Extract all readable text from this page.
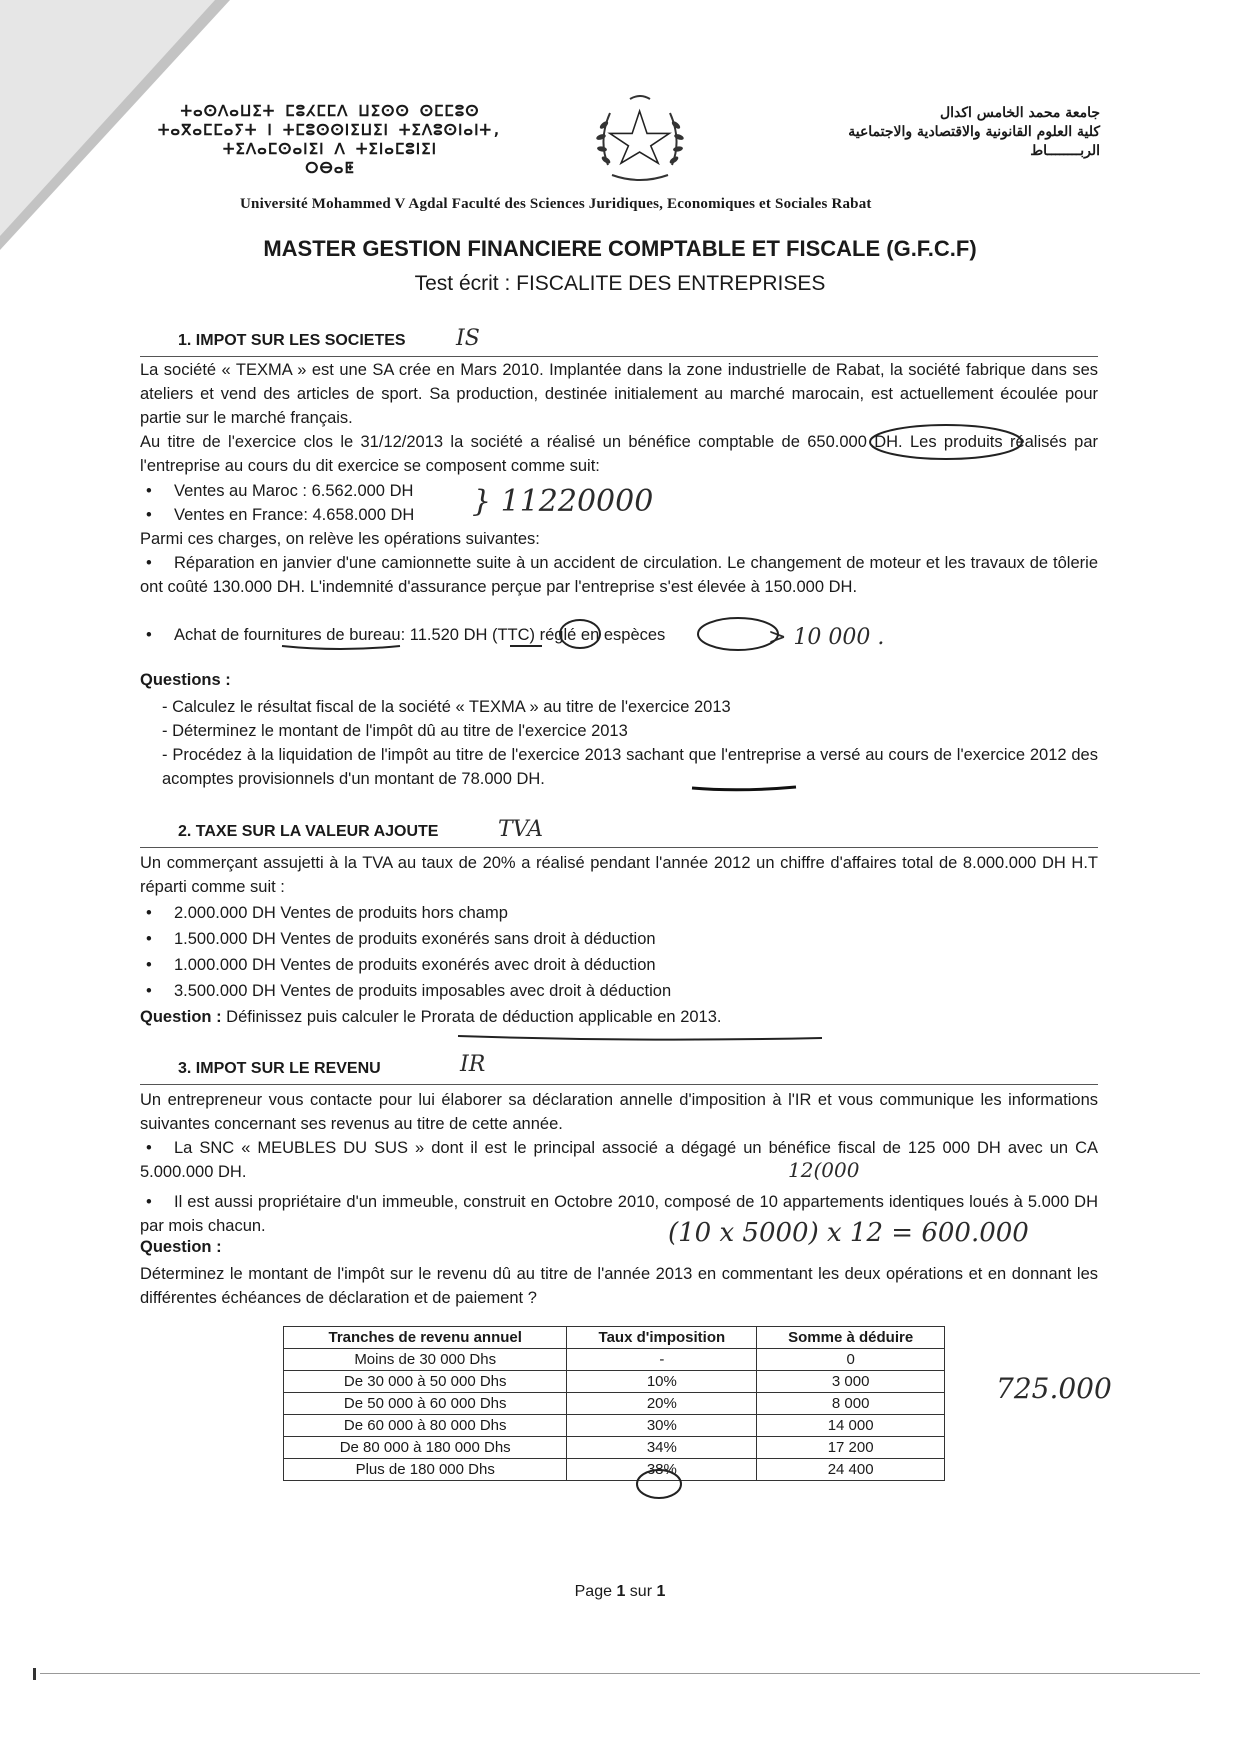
ⵜⴰⵙⴷⴰⵡⵉⵜ ⵎⵓⵃⵎⵎⴷ ⵡⵉⵙⵙ ⵙⵎⵎⵓⵙ
ⵜⴰⴳⴰⵎⵎⴰⵢⵜ ⵏ ⵜⵎⵓⵙⵙⵏⵉⵡⵉⵏ ⵜⵉⴷⵓⵙⵏⴰⵏⵜ,
ⵜⵉⴷⴰⵎⵙⴰⵏⵉⵏ ⴷ ⵜⵉⵏⴰⵎⵓⵏⵉⵏ
ⵔⴱⴰⵟ
جامعة محمد الخامس اكدال
كلية العلوم القانونية والاقتصادية والاجتماعية
الربــــــــاط
Université Mohammed V Agdal Faculté des Sciences Juridiques, Economiques et Sociales Rabat
MASTER GESTION FINANCIERE COMPTABLE ET FISCALE (G.F.C.F)
Test écrit : FISCALITE DES ENTREPRISES
1. IMPOT SUR LES SOCIETES IS
La société « TEXMA » est une SA crée en Mars 2010. Implantée dans la zone industrielle de Rabat, la société fabrique dans ses ateliers et vend des articles de sport. Sa production, destinée initialement au marché marocain, est actuellement écoulée pour partie sur le marché français.
Au titre de l'exercice clos le 31/12/2013 la société a réalisé un bénéfice comptable de 650.000 DH. Les produits réalisés par l'entreprise au cours du dit exercice se composent comme suit:
• Ventes au Maroc : 6.562.000 DH
• Ventes en France: 4.658.000 DH	} 11220000
Parmi ces charges, on relève les opérations suivantes:
• Réparation en janvier d'une camionnette suite à un accident de circulation. Le changement de moteur et les travaux de tôlerie ont coûté 130.000 DH. L'indemnité d'assurance perçue par l'entreprise s'est élevée à 150.000 DH.
• Achat de fournitures de bureau: 11.520 DH (TTC) réglé en espèces	> 10 000 .
Questions :
- Calculez le résultat fiscal de la société « TEXMA » au titre de l'exercice 2013
- Déterminez le montant de l'impôt dû au titre de l'exercice 2013
- Procédez à la liquidation de l'impôt au titre de l'exercice 2013 sachant que l'entreprise a versé au cours de l'exercice 2012 des acomptes provisionnels d'un montant de 78.000 DH.
2. TAXE SUR LA VALEUR AJOUTE	TVA
Un commerçant assujetti à la TVA au taux de 20% a réalisé pendant l'année 2012 un chiffre d'affaires total de 8.000.000 DH H.T réparti comme suit :
• 2.000.000 DH Ventes de produits hors champ
• 1.500.000 DH Ventes de produits exonérés sans droit à déduction
• 1.000.000 DH Ventes de produits exonérés avec droit à déduction
• 3.500.000 DH Ventes de produits imposables avec droit à déduction
Question : Définissez puis calculer le Prorata de déduction applicable en 2013.
3. IMPOT SUR LE REVENU	IR
Un entrepreneur vous contacte pour lui élaborer sa déclaration annelle d'imposition à l'IR et vous communique les informations suivantes concernant ses revenus au titre de cette année.
• La SNC « MEUBLES DU SUS » dont il est le principal associé a dégagé un bénéfice fiscal de 125 000 DH avec un CA 5.000.000 DH.	12(000
• Il est aussi propriétaire d'un immeuble, construit en Octobre 2010, composé de 10 appartements identiques loués à 5.000 DH par mois chacun.	(10 x 5000) x 12 = 600.000
Question :
Déterminez le montant de l'impôt sur le revenu dû au titre de l'année 2013 en commentant les deux opérations et en donnant les différentes échéances de déclaration et de paiement ?
Tranches de revenu annuel	Taux d'imposition	Somme à déduire
Moins de 30 000 Dhs	-	0
De 30 000 à 50 000 Dhs	10%	3 000
De 50 000 à 60 000 Dhs	20%	8 000
De 60 000 à 80 000 Dhs	30%	14 000
De 80 000 à 180 000 Dhs	34%	17 200
Plus de 180 000 Dhs	38%	24 400
725.000
Page 1 sur 1
